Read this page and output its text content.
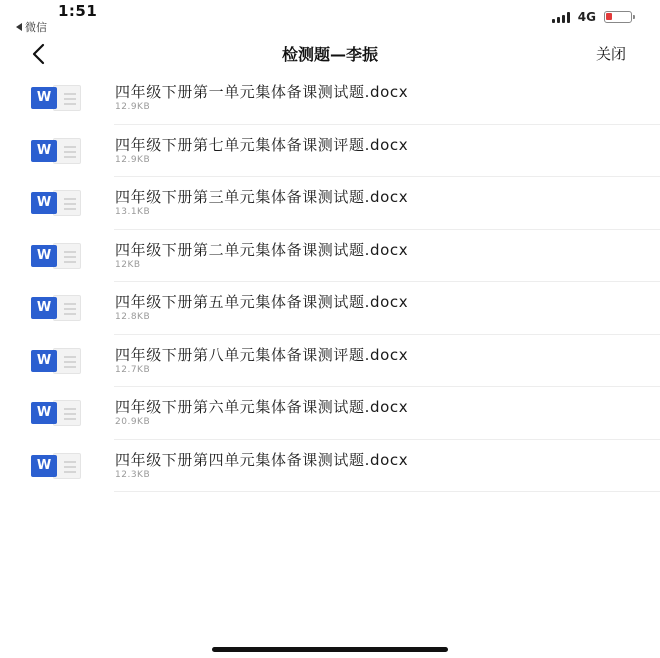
1:51
微信
4G
检测题—李振	关闭
W	四年级下册第一单元集体备课测试题.docx
12.9KB
W	四年级下册第七单元集体备课测评题.docx
12.9KB
W	四年级下册第三单元集体备课测试题.docx
13.1KB
W	四年级下册第二单元集体备课测试题.docx
12KB
W	四年级下册第五单元集体备课测试题.docx
12.8KB
W	四年级下册第八单元集体备课测评题.docx
12.7KB
W	四年级下册第六单元集体备课测试题.docx
20.9KB
W	四年级下册第四单元集体备课测试题.docx
12.3KB
